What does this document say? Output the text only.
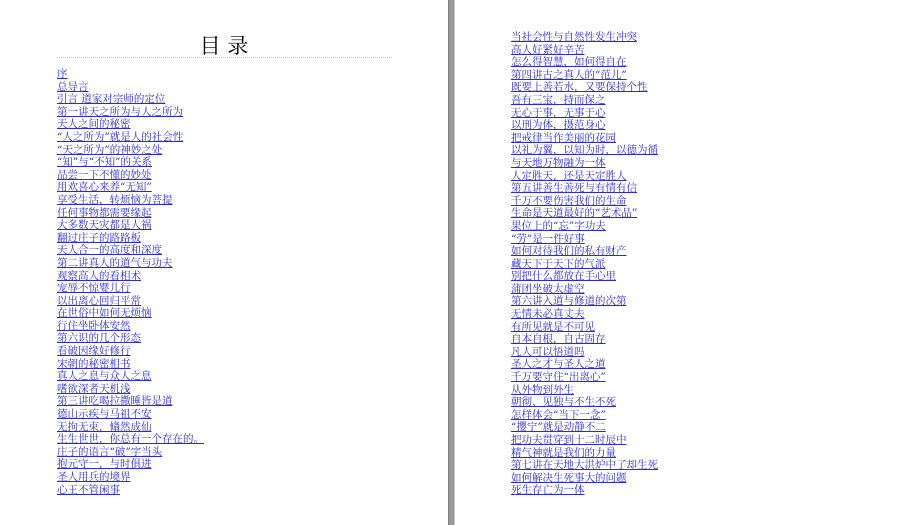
目 录
序
总导言
引言 道家对宗师的定位
第一讲天之所为与人之所为
天人之间的秘密
“人之所为”就是人的社会性
“天之所为”的神妙之处
“知”与“不知”的关系
品尝一下不懂的妙处
用欢喜心来养“无知”
享受生活，转烦恼为菩提
任何事物都需要缘起
大多数天灾都是人祸
翻过庄子的路路板
天人合一的高度和深度
第二讲真人的道气与功夫
观察高人的看相术
宠辱不惊婴儿行
以出离心回归平常
在世俗中如何无烦恼
行住坐卧体安然
第六识的几个形态
看破因缘好修行
宋朝的秘密相书
真人之息与众人之息
嗜欲深者天机浅
第三讲吃喝拉撒睡皆是道
德山示疾与马祖不安
无拘无束，翛然成仙
生生世世，你总有一个存在的。
庄子的语言“破”字当头
抱元守一，与时俱进
圣人用兵的境界
心王不管闲事
当社会性与自然性发生冲突
高人好紧好辛苦
怎么得智慧，如何得自在
第四讲古之真人的“范儿”
既要上善若水，又要保持个性
吾有三宝，持而保之
无心于事，无事于心
以刑为体，摄范身心
把戒律当作美丽的花园
以礼为翼，以知为时，以德为循
与天地万物融为一体
人定胜天，还是天定胜人
第五讲善生善死与有情有信
千万不要伤害我们的生命
生命是天道最好的“艺术品”
果位上的“忘”字功夫
“劳”是一件好事
如何对待我们的私有财产
藏天下于天下的气派
别把什么都放在手心里
蒲团坐破太虚空
第六讲入道与修道的次第
无情未必真丈夫
有所见就是不可见
自本自根，自古固存
凡人可以悟道吗
圣人之才与圣人之道
千万要守住“出离心”
从外物到外生
朝彻、见独与不生不死
怎样体会“当下一念”
“撄宁”就是动静不二
把功夫贯穿到十二时辰中
精气神就是我们的力量
第七讲在天地大洪炉中了却生死
如何解决生死事大的问题
死生存亡为一体
